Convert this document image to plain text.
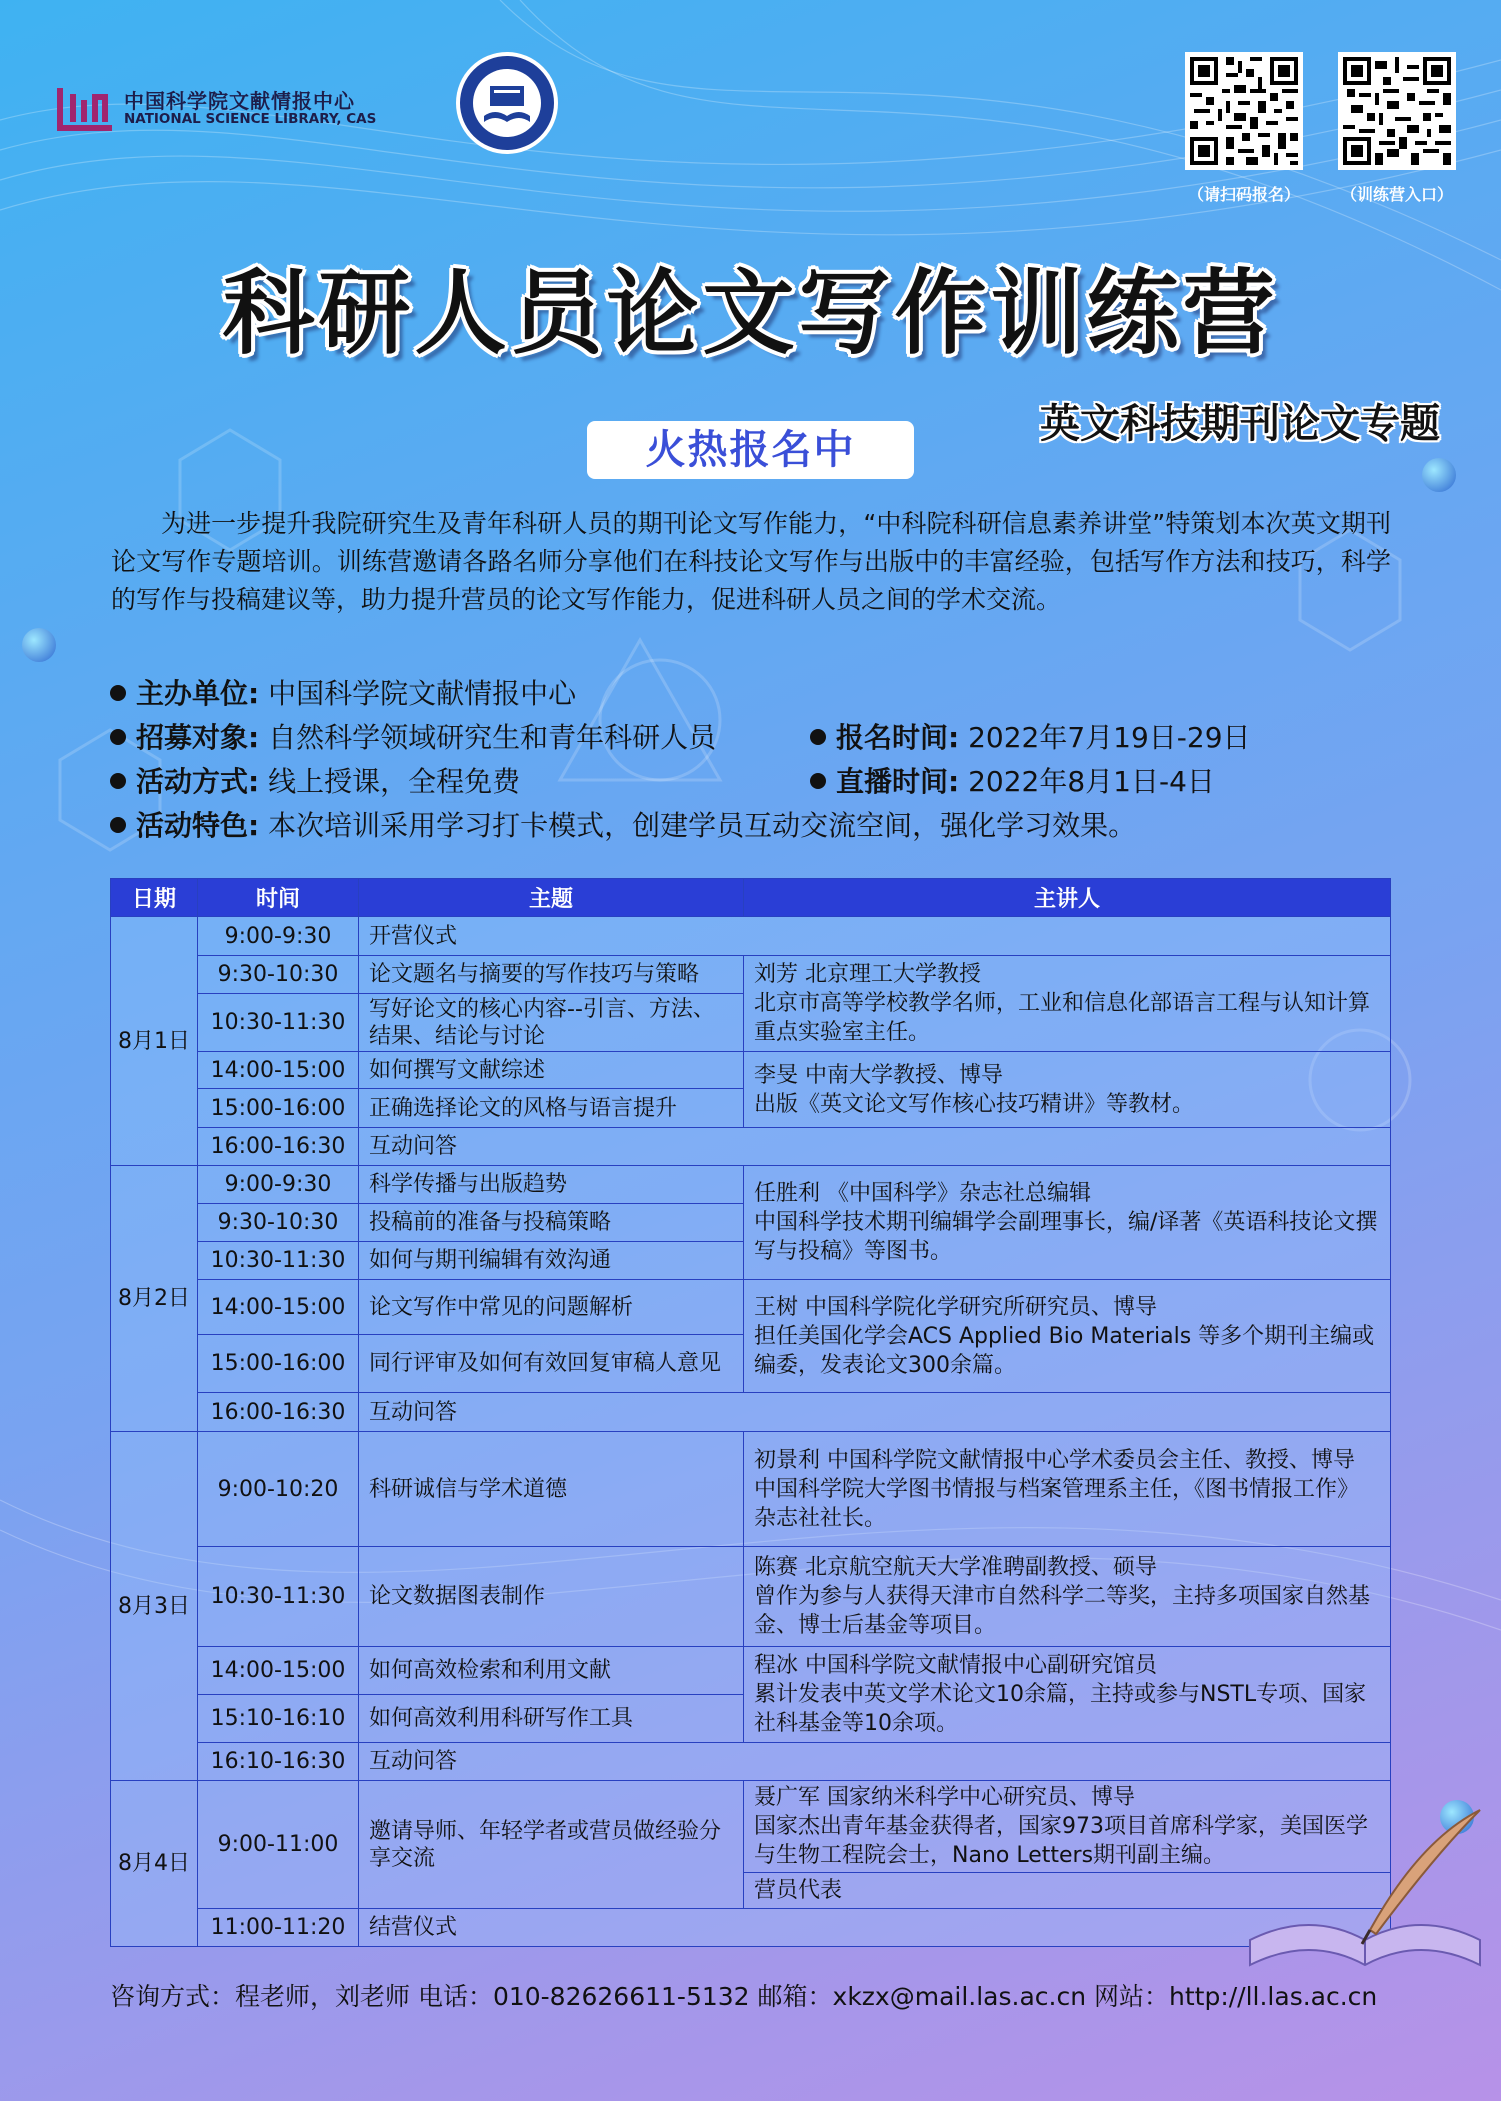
中国科学院文献情报中心
NATIONAL SCIENCE LIBRARY, CAS
（请扫码报名）	（训练营入口）
科研人员论文写作训练营
英文科技期刊论文专题
火热报名中

为进一步提升我院研究生及青年科研人员的期刊论文写作能力，“中科院科研信息素养讲堂”特策划本次英文期刊论文写作专题培训。训练营邀请各路名师分享他们在科技论文写作与出版中的丰富经验，包括写作方法和技巧，科学的写作与投稿建议等，助力提升营员的论文写作能力，促进科研人员之间的学术交流。

主办单位: 中国科学院文献情报中心
招募对象: 自然科学领域研究生和青年科研人员	报名时间: 2022年7月19日-29日
活动方式: 线上授课，全程免费	直播时间: 2022年8月1日-4日
活动特色: 本次培训采用学习打卡模式，创建学员互动交流空间，强化学习效果。
日期	时间	主题	主讲人
8月1日	9:00-9:30	开营仪式	
	9:30-10:30	论文题名与摘要的写作技巧与策略	刘芳 北京理工大学教授
北京市高等学校教学名师，工业和信息化部语言工程与认知计算重点实验室主任。

	10:30-11:30	写好论文的核心内容--引言、方法、结果、结论与讨论	
	14:00-15:00	如何撰写文献综述	李旻 中南大学教授、博导
出版《英文论文写作核心技巧精讲》等教材。

	15:00-16:00	正确选择论文的风格与语言提升	
	16:00-16:30	互动问答	
8月2日	9:00-9:30	科学传播与出版趋势	任胜利 《中国科学》杂志社总编辑
中国科学技术期刊编辑学会副理事长，编/译著《英语科技论文撰写与投稿》等图书。

	9:30-10:30	投稿前的准备与投稿策略	
	10:30-11:30	如何与期刊编辑有效沟通	
	14:00-15:00	论文写作中常见的问题解析	王树 中国科学院化学研究所研究员、博导
担任美国化学会ACS Applied Bio Materials 等多个期刊主编或编委，发表论文300余篇。

	15:00-16:00	同行评审及如何有效回复审稿人意见	
	16:00-16:30	互动问答	
8月3日	9:00-10:20	科研诚信与学术道德	初景利 中国科学院文献情报中心学术委员会主任、教授、博导
中国科学院大学图书情报与档案管理系主任，《图书情报工作》杂志社社长。

	10:30-11:30	论文数据图表制作	陈赛 北京航空航天大学准聘副教授、硕导
曾作为参与人获得天津市自然科学二等奖，主持多项国家自然基金、博士后基金等项目。

	14:00-15:00	如何高效检索和利用文献	程冰 中国科学院文献情报中心副研究馆员
累计发表中英文学术论文10余篇，主持或参与NSTL专项、国家社科基金等10余项。

	15:10-16:10	如何高效利用科研写作工具	
	16:10-16:30	互动问答	
8月4日	9:00-11:00	邀请导师、年轻学者或营员做经验分享交流	聂广军 国家纳米科学中心研究员、博导
国家杰出青年基金获得者，国家973项目首席科学家，美国医学与生物工程院会士，Nano Letters期刊副主编。

			营员代表
	11:00-11:20	结营仪式	
咨询方式：程老师，刘老师 电话：010-82626611-5132 邮箱：xkzx@mail.las.ac.cn 网站：http://ll.las.ac.cn
